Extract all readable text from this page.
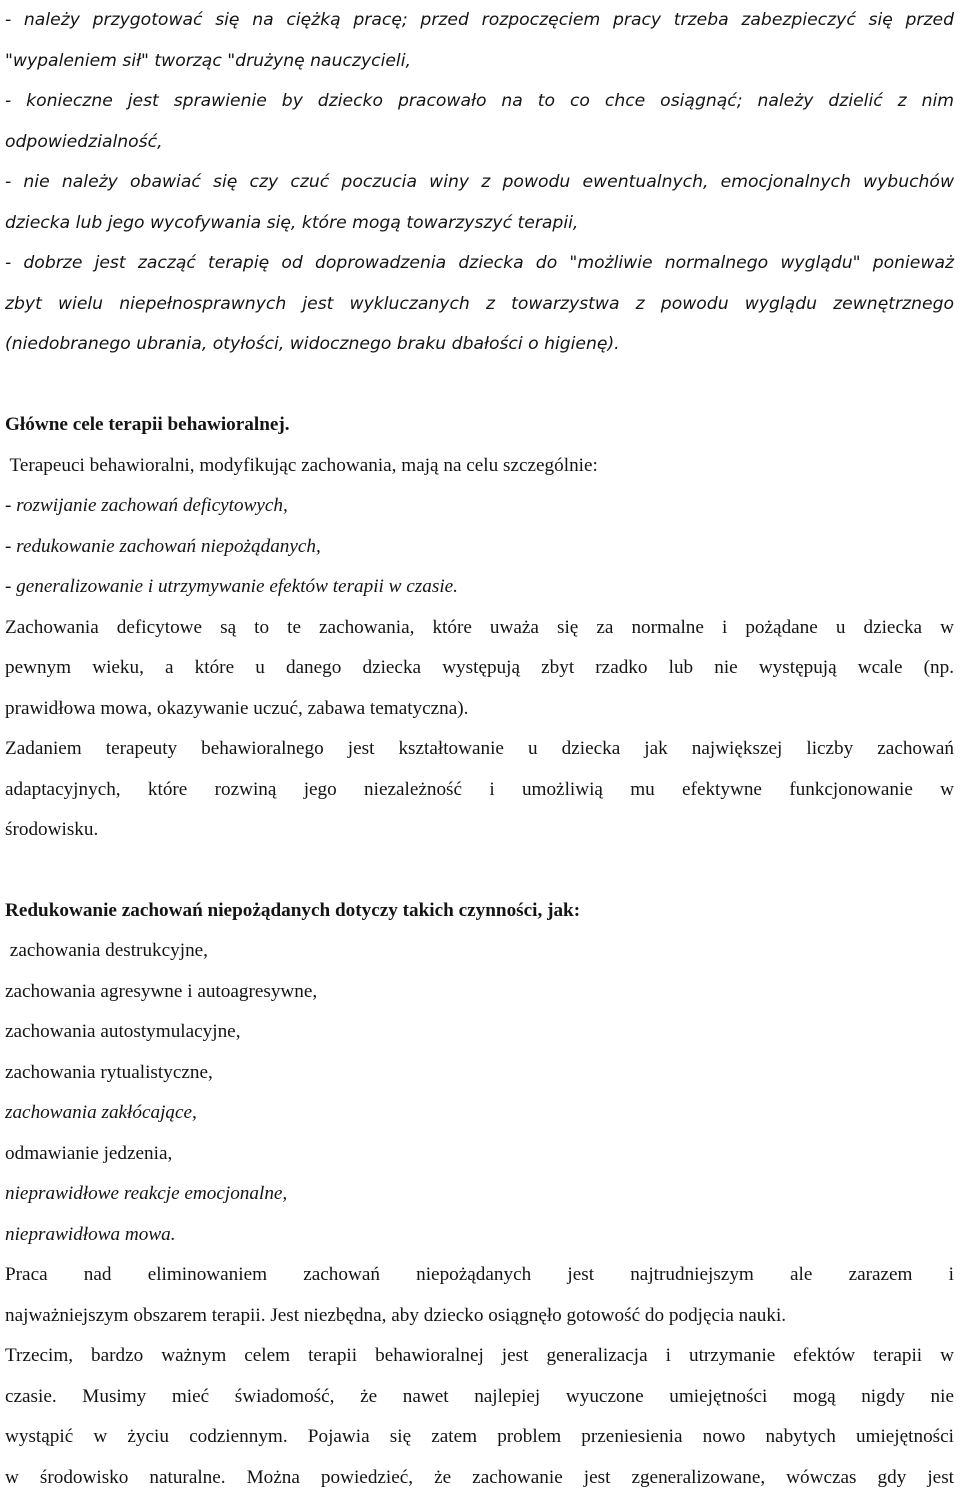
- należy przygotować się na ciężką pracę; przed rozpoczęciem pracy trzeba zabezpieczyć się przed
"wypaleniem sił" tworząc "drużynę nauczycieli,
- konieczne jest sprawienie by dziecko pracowało na to co chce osiągnąć; należy dzielić z nim
odpowiedzialność,
- nie należy obawiać się czy czuć poczucia winy z powodu ewentualnych, emocjonalnych wybuchów
dziecka lub jego wycofywania się, które mogą towarzyszyć terapii,
- dobrze jest zacząć terapię od doprowadzenia dziecka do "możliwie normalnego wyglądu" ponieważ
zbyt wielu niepełnosprawnych jest wykluczanych z towarzystwa z powodu wyglądu zewnętrznego
(niedobranego ubrania, otyłości, widocznego braku dbałości o higienę).
Główne cele terapii behawioralnej.
Terapeuci behawioralni, modyfikując zachowania, mają na celu szczególnie:
- rozwijanie zachowań deficytowych,
- redukowanie zachowań niepożądanych,
- generalizowanie i utrzymywanie efektów terapii w czasie.
Zachowania deficytowe są to te zachowania, które uważa się za normalne i pożądane u dziecka w
pewnym wieku, a które u danego dziecka występują zbyt rzadko lub nie występują wcale (np.
prawidłowa mowa, okazywanie uczuć, zabawa tematyczna).
Zadaniem terapeuty behawioralnego jest kształtowanie u dziecka jak największej liczby zachowań
adaptacyjnych, które rozwiną jego niezależność i umożliwią mu efektywne funkcjonowanie w
środowisku.
Redukowanie zachowań niepożądanych dotyczy takich czynności, jak:
zachowania destrukcyjne,
zachowania agresywne i autoagresywne,
zachowania autostymulacyjne,
zachowania rytualistyczne,
zachowania zakłócające,
odmawianie jedzenia,
nieprawidłowe reakcje emocjonalne,
nieprawidłowa mowa.
Praca nad eliminowaniem zachowań niepożądanych jest najtrudniejszym ale zarazem i
najważniejszym obszarem terapii. Jest niezbędna, aby dziecko osiągnęło gotowość do podjęcia nauki.
Trzecim, bardzo ważnym celem terapii behawioralnej jest generalizacja i utrzymanie efektów terapii w
czasie. Musimy mieć świadomość, że nawet najlepiej wyuczone umiejętności mogą nigdy nie
wystąpić w życiu codziennym. Pojawia się zatem problem przeniesienia nowo nabytych umiejętności
w środowisko naturalne. Można powiedzieć, że zachowanie jest zgeneralizowane, wówczas gdy jest
